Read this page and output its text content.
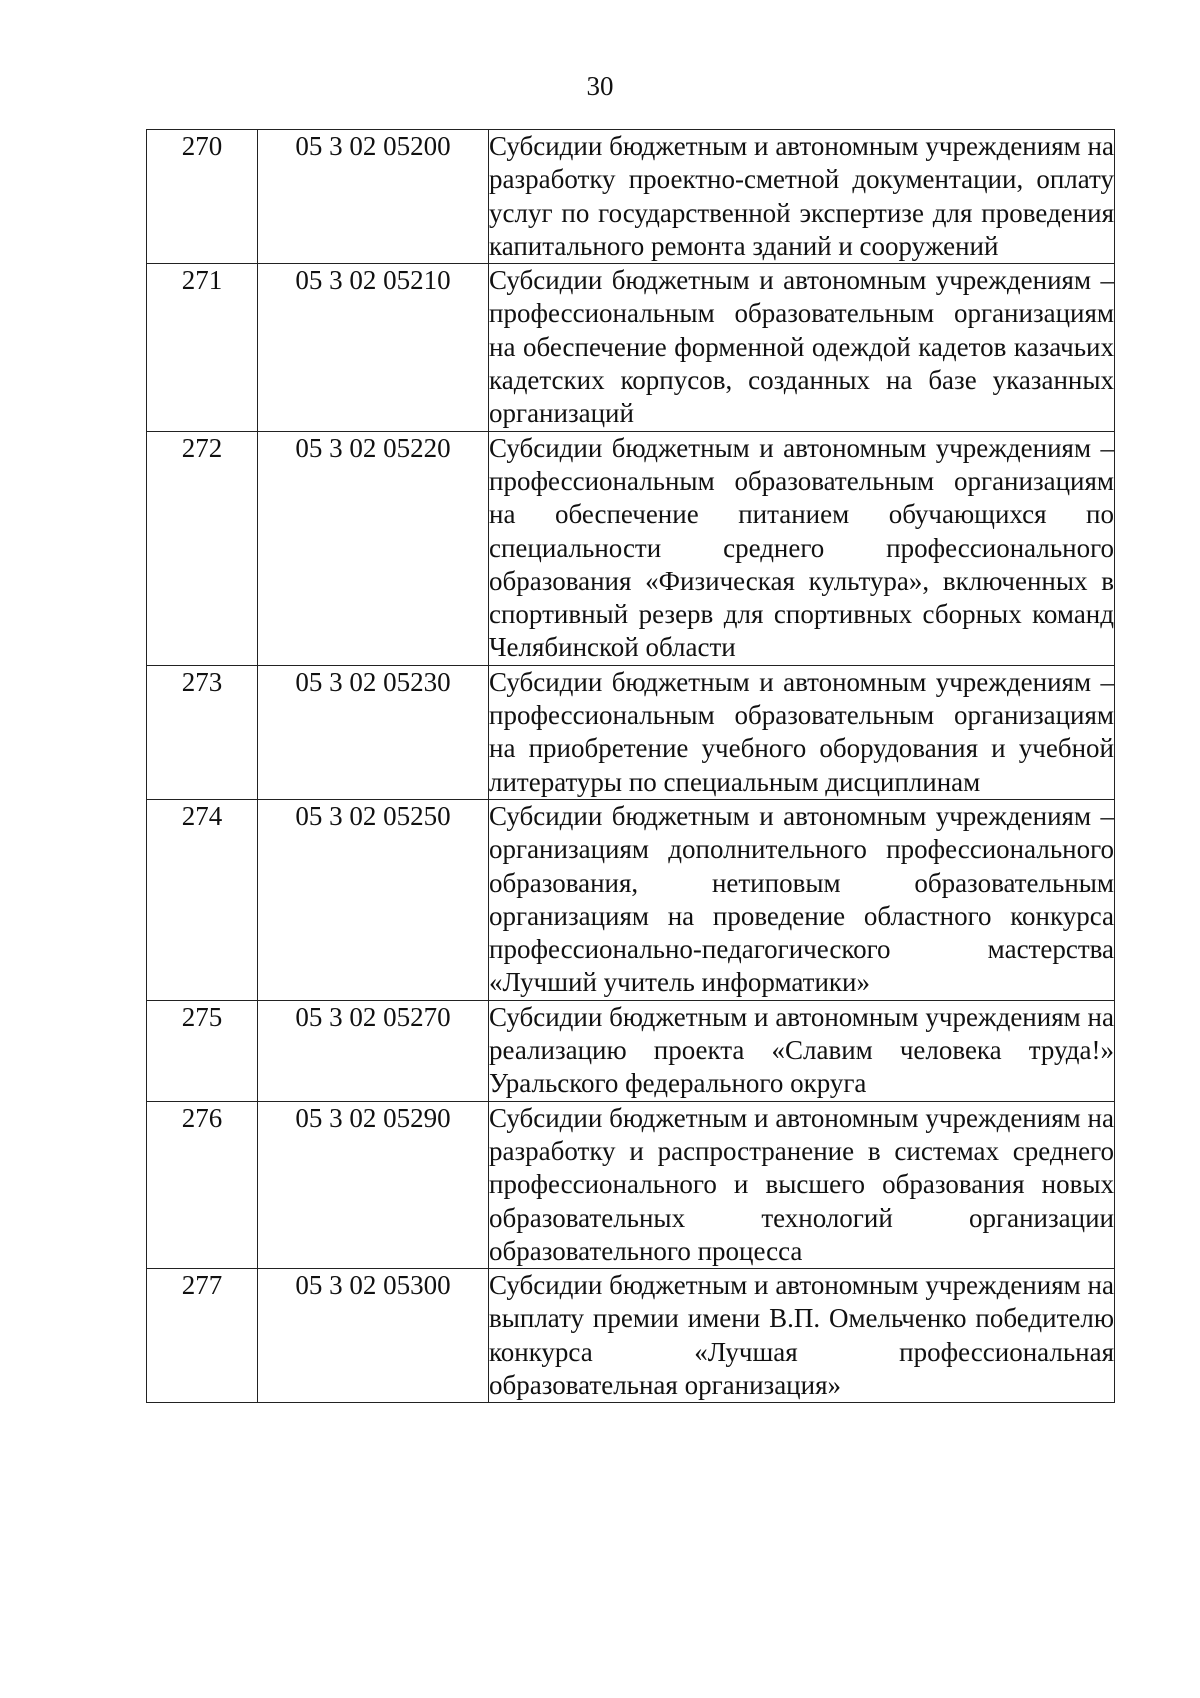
30
270	05 3 02 05200	Субсидии бюджетным и автономным учреждениям на разработку проектно-сметной документации, оплату услуг по государственной экспертизе для проведения капитального ремонта зданий и сооружений

271	05 3 02 05210	Субсидии бюджетным и автономным учреждениям – профессиональным образовательным организациям на обеспечение форменной одеждой кадетов казачьих кадетских корпусов, созданных на базе указанных организаций

272	05 3 02 05220	Субсидии бюджетным и автономным учреждениям – профессиональным образовательным организациям на обеспечение питанием обучающихся по специальности среднего профессионального образования «Физическая культура», включенных в спортивный резерв для спортивных сборных команд Челябинской области

273	05 3 02 05230	Субсидии бюджетным и автономным учреждениям – профессиональным образовательным организациям на приобретение учебного оборудования и учебной литературы по специальным дисциплинам

274	05 3 02 05250	Субсидии бюджетным и автономным учреждениям – организациям дополнительного профессионального образования, нетиповым образовательным организациям на проведение областного конкурса профессионально-педагогического мастерства «Лучший учитель информатики»

275	05 3 02 05270	Субсидии бюджетным и автономным учреждениям на реализацию проекта «Славим человека труда!» Уральского федерального округа

276	05 3 02 05290	Субсидии бюджетным и автономным учреждениям на разработку и распространение в системах среднего профессионального и высшего образования новых образовательных технологий организации образовательного процесса

277	05 3 02 05300	Субсидии бюджетным и автономным учреждениям на выплату премии имени В.П. Омельченко победителю конкурса «Лучшая профессиональная образовательная организация»
